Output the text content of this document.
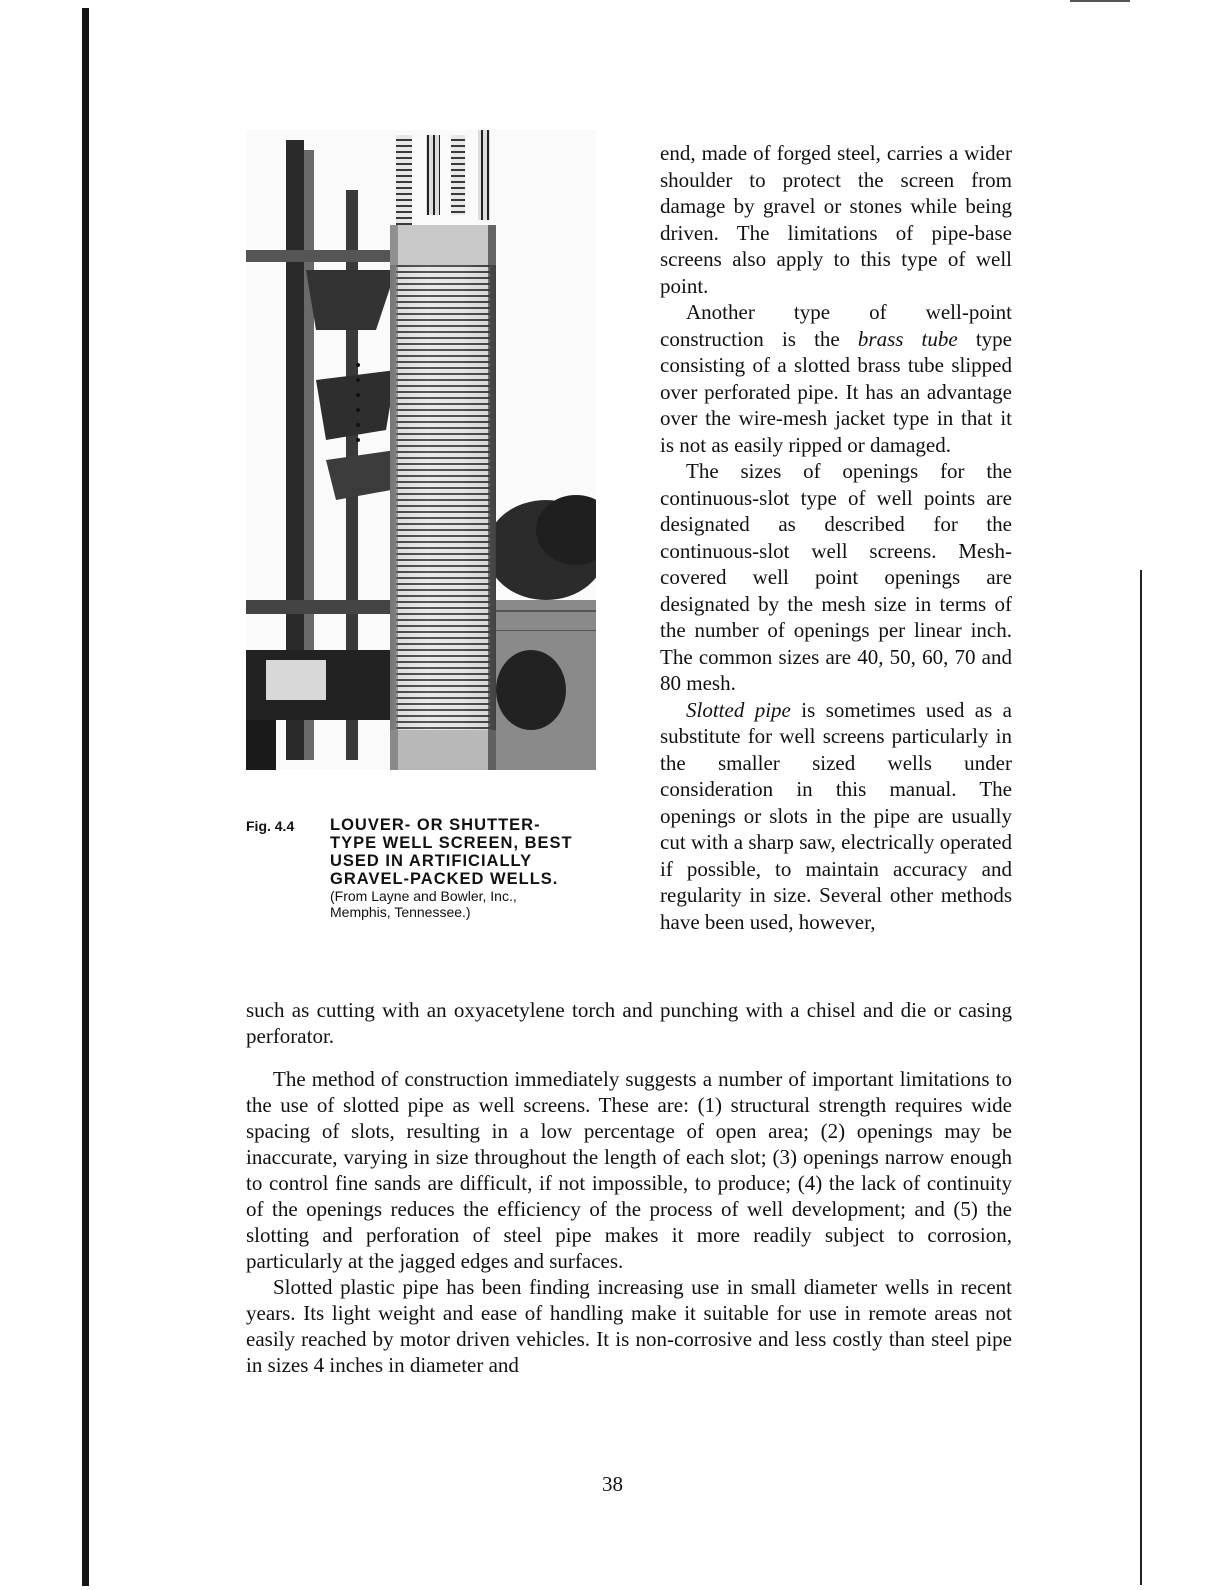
Fig. 4.4 LOUVER- OR SHUTTER-
TYPE WELL SCREEN, BEST
USED IN ARTIFICIALLY
GRAVEL-PACKED WELLS.
(From Layne and Bowler, Inc.,
Memphis, Tennessee.)

end, made of forged steel, carries a wider shoulder to protect the screen from damage by gravel or stones while being driven. The limitations of pipe-base screens also apply to this type of well point.

Another type of well-point construction is the brass tube type consisting of a slotted brass tube slipped over perforated pipe. It has an advantage over the wire-mesh jacket type in that it is not as easily ripped or damaged.

The sizes of openings for the continuous-slot type of well points are designated as described for the continuous-slot well screens. Mesh-covered well point openings are designated by the mesh size in terms of the number of openings per linear inch. The common sizes are 40, 50, 60, 70 and 80 mesh.

Slotted pipe is sometimes used as a substitute for well screens particularly in the smaller sized wells under consideration in this manual. The openings or slots in the pipe are usually cut with a sharp saw, electrically operated if possible, to maintain accuracy and regularity in size. Several other methods have been used, however,

such as cutting with an oxyacetylene torch and punching with a chisel and die or casing perforator.

The method of construction immediately suggests a number of important limitations to the use of slotted pipe as well screens. These are: (1) structural strength requires wide spacing of slots, resulting in a low percentage of open area; (2) openings may be inaccurate, varying in size throughout the length of each slot; (3) openings narrow enough to control fine sands are difficult, if not impossible, to produce; (4) the lack of continuity of the openings reduces the efficiency of the process of well development; and (5) the slotting and perforation of steel pipe makes it more readily subject to corrosion, particularly at the jagged edges and surfaces.

Slotted plastic pipe has been finding increasing use in small diameter wells in recent years. Its light weight and ease of handling make it suitable for use in remote areas not easily reached by motor driven vehicles. It is non-corrosive and less costly than steel pipe in sizes 4 inches in diameter and

38
